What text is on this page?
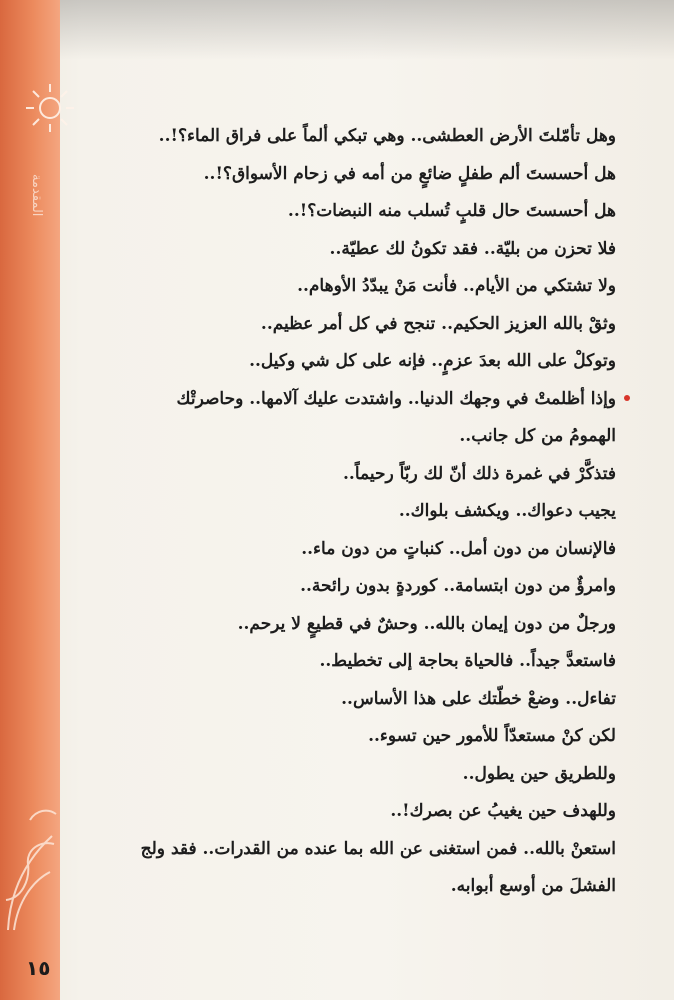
المقدمة
وهل تأمّلتَ الأرض العطشى.. وهي تبكي ألماً على فراق الماء؟!..
هل أحسستَ ألم طفلٍ ضائعٍ من أمه في زحام الأسواق؟!..
هل أحسستَ حال قلبٍ تُسلب منه النبضات؟!..
فلا تحزن من بليّة.. فقد تكونُ لك عطيّة..
ولا تشتكي من الأيام.. فأنت مَنْ يبدّدُ الأوهام..
وثقْ بالله العزيز الحكيم.. تنجح في كل أمر عظيم..
وتوكلْ على الله بعدَ عزمٍ.. فإنه على كل شي وكيل..
وإذا أظلمتْ في وجهك الدنيا.. واشتدت عليك آلامها.. وحاصرتْك
الهمومُ من كل جانب..
فتذكَّرْ في غمرة ذلك أنّ لك ربّاً رحيماً..
يجيب دعواك.. ويكشف بلواك..
فالإنسان من دون أمل.. كنباتٍ من دون ماء..
وامرؤٌ من دون ابتسامة.. كوردةٍ بدون رائحة..
ورجلٌ من دون إيمان بالله.. وحشٌ في قطيعٍ لا يرحم..
فاستعدَّ جيداً.. فالحياة بحاجة إلى تخطيط..
تفاءل.. وضعْ خطّتك على هذا الأساس..
لكن كنْ مستعدّاً للأمور حين تسوء..
وللطريق حين يطول..
وللهدف حين يغيبُ عن بصرك!..
استعنْ بالله.. فمن استغنى عن الله بما عنده من القدرات.. فقد ولج
الفشلَ من أوسع أبوابه.
١٥
